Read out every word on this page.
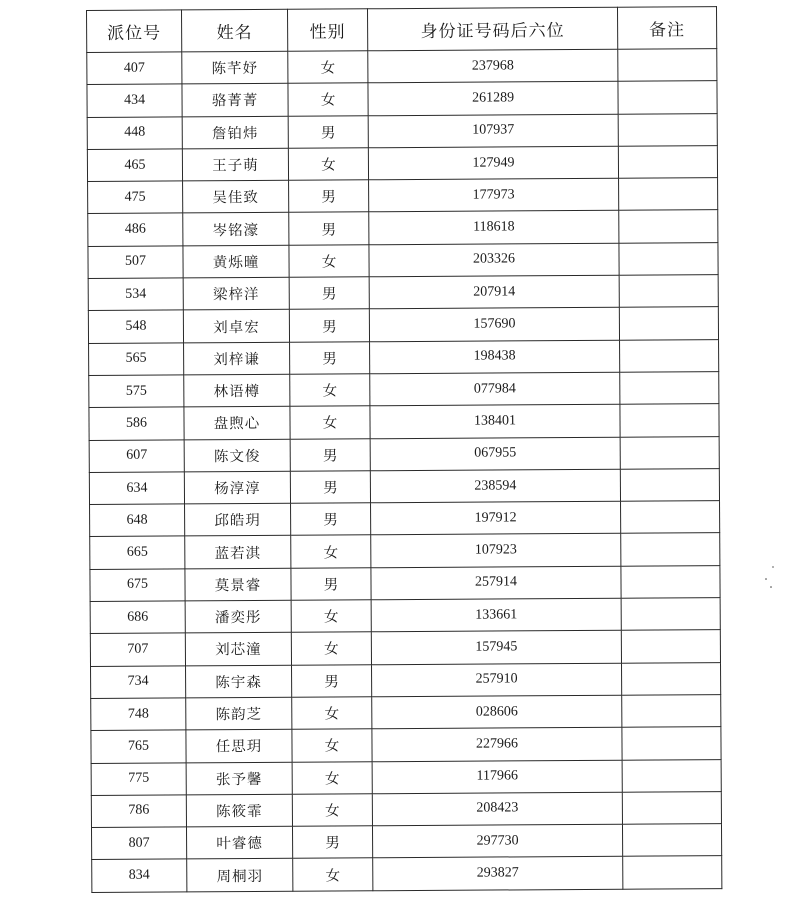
派位号	姓名	性别	身份证号码后六位	备注
407	陈芊妤	女	237968	
434	骆菁菁	女	261289	
448	詹铂炜	男	107937	
465	王子萌	女	127949	
475	吴佳致	男	177973	
486	岑铭濠	男	118618	
507	黄烁曈	女	203326	
534	梁梓洋	男	207914	
548	刘卓宏	男	157690	
565	刘梓谦	男	198438	
575	林语樽	女	077984	
586	盘煦心	女	138401	
607	陈文俊	男	067955	
634	杨淳淳	男	238594	
648	邱皓玥	男	197912	
665	蓝若淇	女	107923	
675	莫景睿	男	257914	
686	潘奕彤	女	133661	
707	刘芯潼	女	157945	
734	陈宇森	男	257910	
748	陈韵芝	女	028606	
765	任思玥	女	227966	
775	张予馨	女	117966	
786	陈筱霏	女	208423	
807	叶睿德	男	297730	
834	周桐羽	女	293827	
